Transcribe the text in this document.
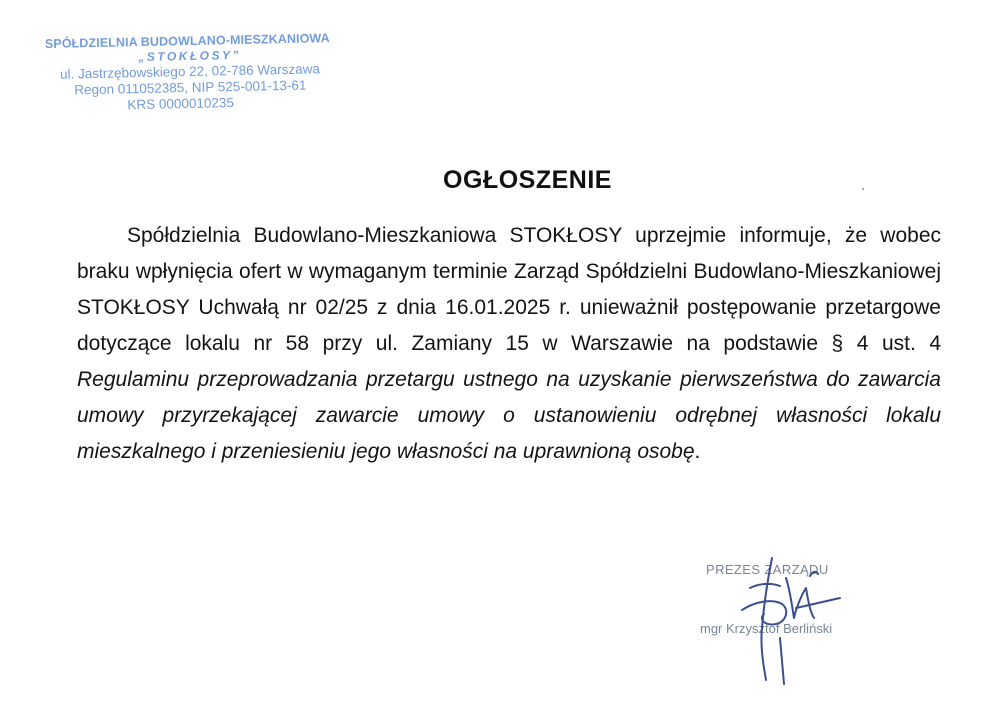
SPÓŁDZIELNIA BUDOWLANO-MIESZKANIOWA
„STOKŁOSY”
ul. Jastrzębowskiego 22, 02-786 Warszawa
Regon 011052385, NIP 525-001-13-61
KRS 0000010235
OGŁOSZENIE

Spółdzielnia Budowlano-Mieszkaniowa STOKŁOSY uprzejmie informuje, że wobec braku wpłynięcia ofert w wymaganym terminie Zarząd Spółdzielni Budowlano-Mieszkaniowej STOKŁOSY Uchwałą nr 02/25 z dnia 16.01.2025 r. unieważnił postępowanie przetargowe dotyczące lokalu nr 58 przy ul. Zamiany 15 w Warszawie na podstawie § 4 ust. 4 Regulaminu przeprowadzania przetargu ustnego na uzyskanie pierwszeństwa do zawarcia umowy przyrzekającej zawarcie umowy o ustanowieniu odrębnej własności lokalu mieszkalnego i przeniesieniu jego własności na uprawnioną osobę.

PREZES ZARZĄDU
mgr Krzysztof Berliński
